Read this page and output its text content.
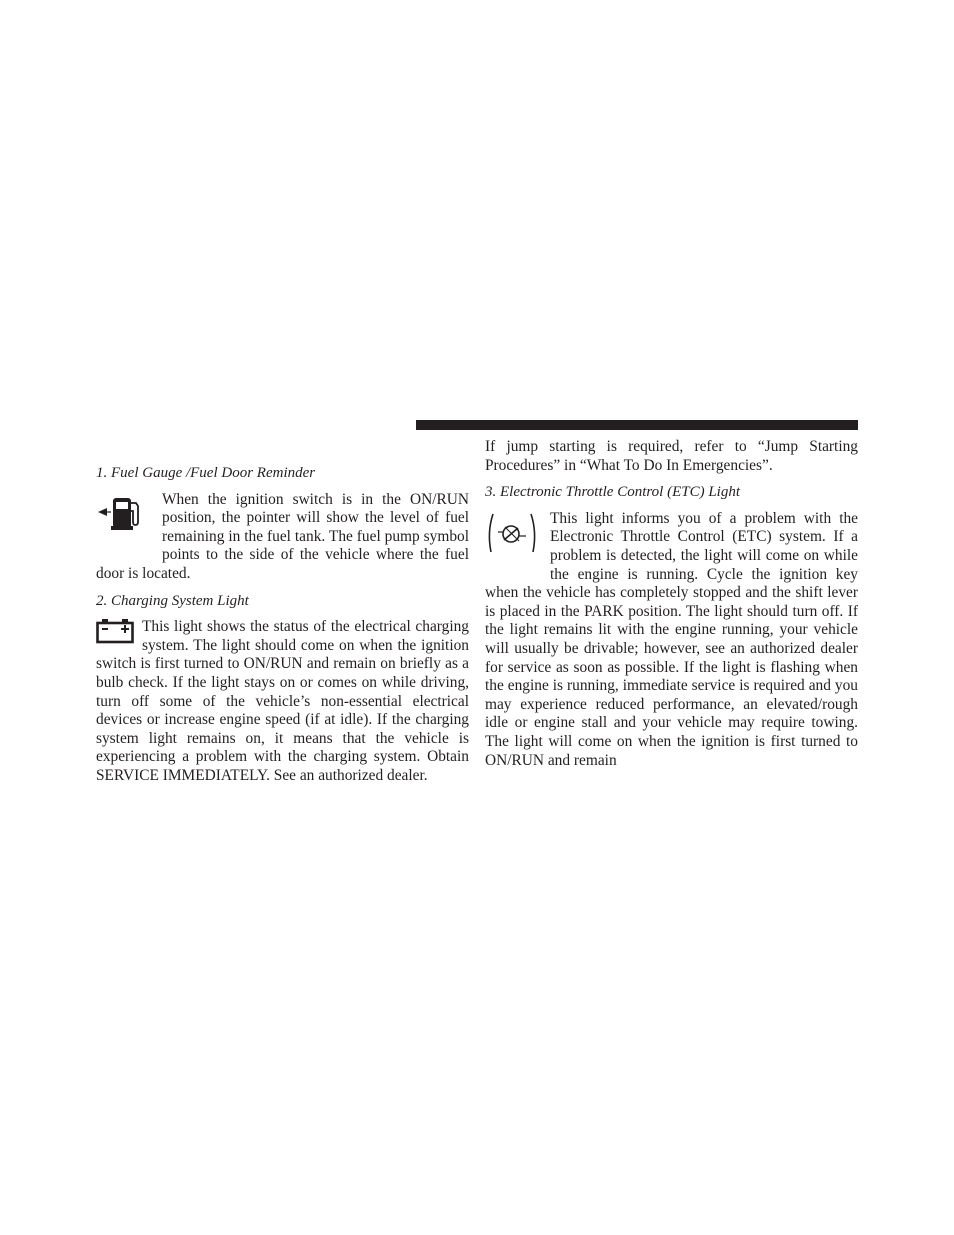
1. Fuel Gauge /Fuel Door Reminder

When the ignition switch is in the ON/RUN position, the pointer will show the level of fuel remaining in the fuel tank. The fuel pump symbol points to the side of the vehicle where the fuel door is located.

2. Charging System Light

This light shows the status of the electrical charging system. The light should come on when the ignition switch is first turned to ON/RUN and remain on briefly as a bulb check. If the light stays on or comes on while driving, turn off some of the vehicle’s non-essential electrical devices or increase engine speed (if at idle). If the charging system light remains on, it means that the vehicle is experiencing a problem with the charging system. Obtain SERVICE IMMEDIATELY. See an authorized dealer.

If jump starting is required, refer to “Jump Starting Procedures” in “What To Do In Emergencies”.

3. Electronic Throttle Control (ETC) Light

This light informs you of a problem with the Electronic Throttle Control (ETC) system. If a problem is detected, the light will come on while the engine is running. Cycle the ignition key when the vehicle has completely stopped and the shift lever is placed in the PARK position. The light should turn off. If the light remains lit with the engine running, your vehicle will usually be drivable; however, see an authorized dealer for service as soon as possible. If the light is flashing when the engine is running, immediate service is required and you may experience reduced performance, an elevated/rough idle or engine stall and your vehicle may require towing. The light will come on when the ignition is first turned to ON/RUN and remain
